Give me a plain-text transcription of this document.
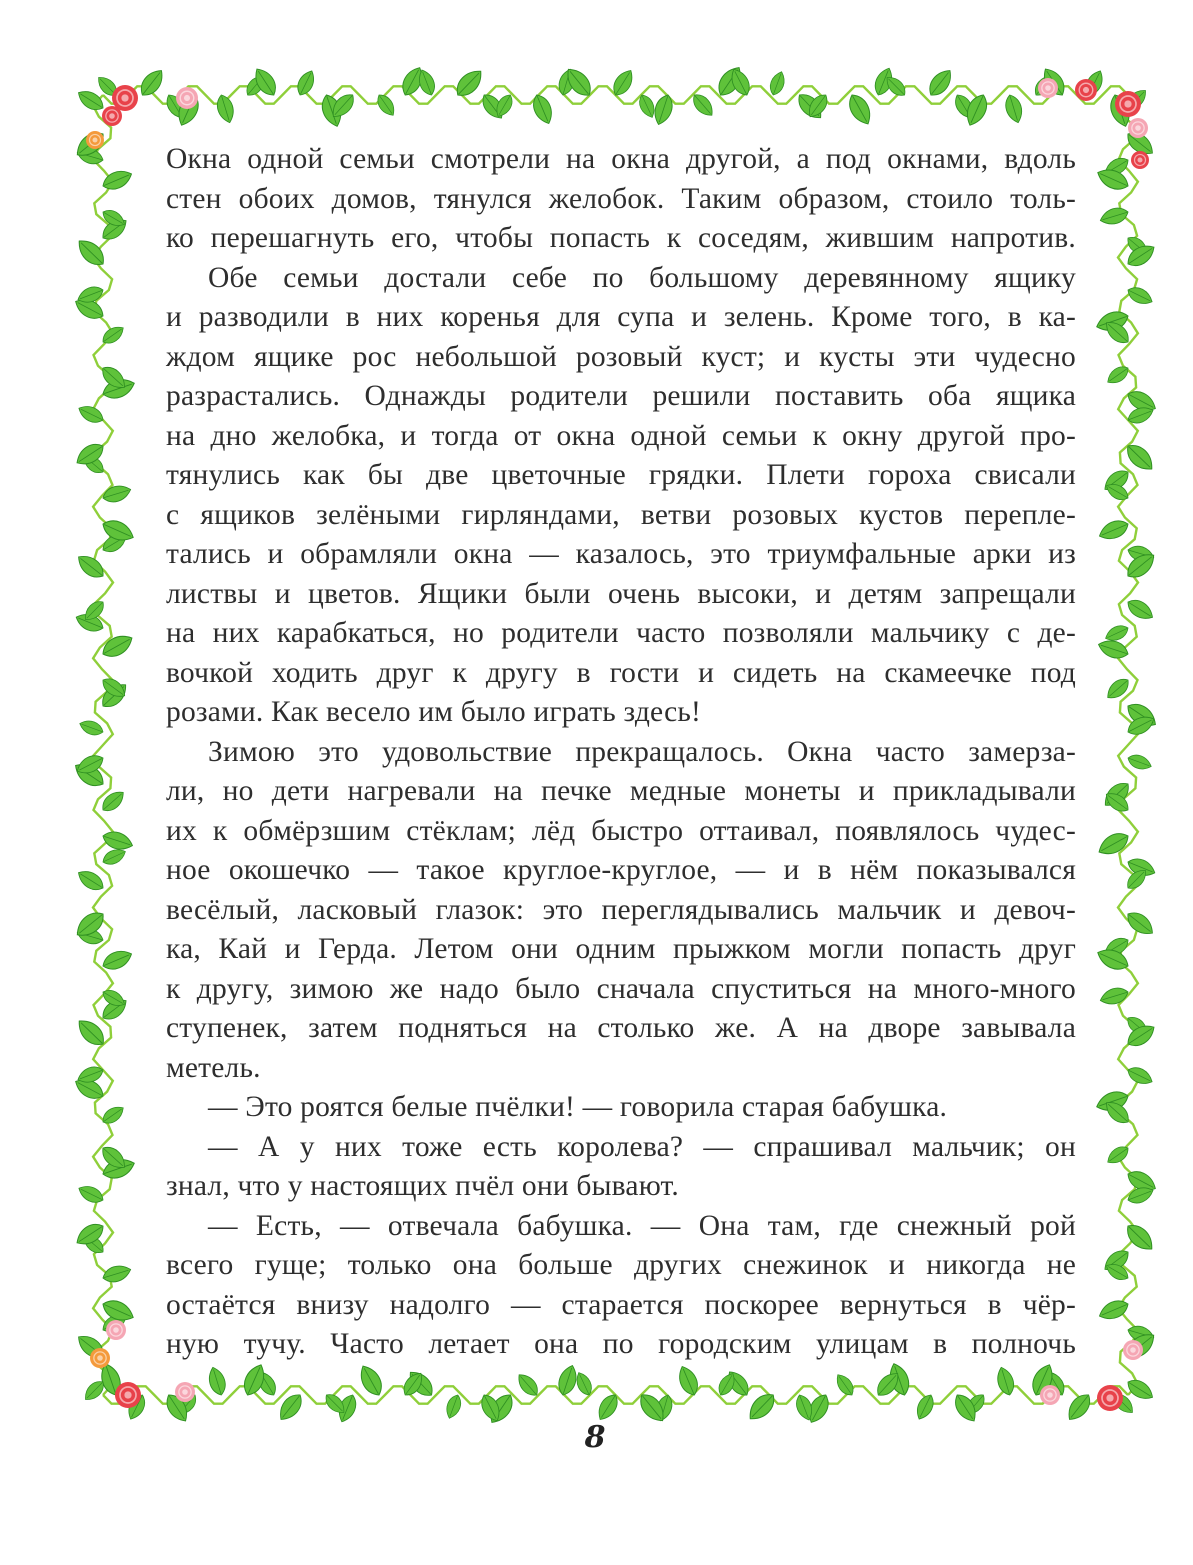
Окна одной семьи смотрели на окна другой, а под окнами, вдоль
стен обоих домов, тянулся желобок. Таким образом, стоило толь-
ко перешагнуть его, чтобы попасть к соседям, жившим напротив.
Обе семьи достали себе по большому деревянному ящику
и разводили в них коренья для супа и зелень. Кроме того, в ка-
ждом ящике рос небольшой розовый куст; и кусты эти чудесно
разрастались. Однажды родители решили поставить оба ящика
на дно желобка, и тогда от окна одной семьи к окну другой про-
тянулись как бы две цветочные грядки. Плети гороха свисали
с ящиков зелёными гирляндами, ветви розовых кустов перепле-
тались и обрамляли окна — казалось, это триумфальные арки из
листвы и цветов. Ящики были очень высоки, и детям запрещали
на них карабкаться, но родители часто позволяли мальчику с де-
вочкой ходить друг к другу в гости и сидеть на скамеечке под
розами. Как весело им было играть здесь!
Зимою это удовольствие прекращалось. Окна часто замерза-
ли, но дети нагревали на печке медные монеты и прикладывали
их к обмёрзшим стёклам; лёд быстро оттаивал, появлялось чудес-
ное окошечко — такое круглое-круглое, — и в нём показывался
весёлый, ласковый глазок: это переглядывались мальчик и девоч-
ка, Кай и Герда. Летом они одним прыжком могли попасть друг
к другу, зимою же надо было сначала спуститься на много-много
ступенек, затем подняться на столько же. А на дворе завывала
метель.
— Это роятся белые пчёлки! — говорила старая бабушка.
— А у них тоже есть королева? — спрашивал мальчик; он
знал, что у настоящих пчёл они бывают.
— Есть, — отвечала бабушка. — Она там, где снежный рой
всего гуще; только она больше других снежинок и никогда не
остаётся внизу надолго — старается поскорее вернуться в чёр-
ную тучу. Часто летает она по городским улицам в полночь
8
